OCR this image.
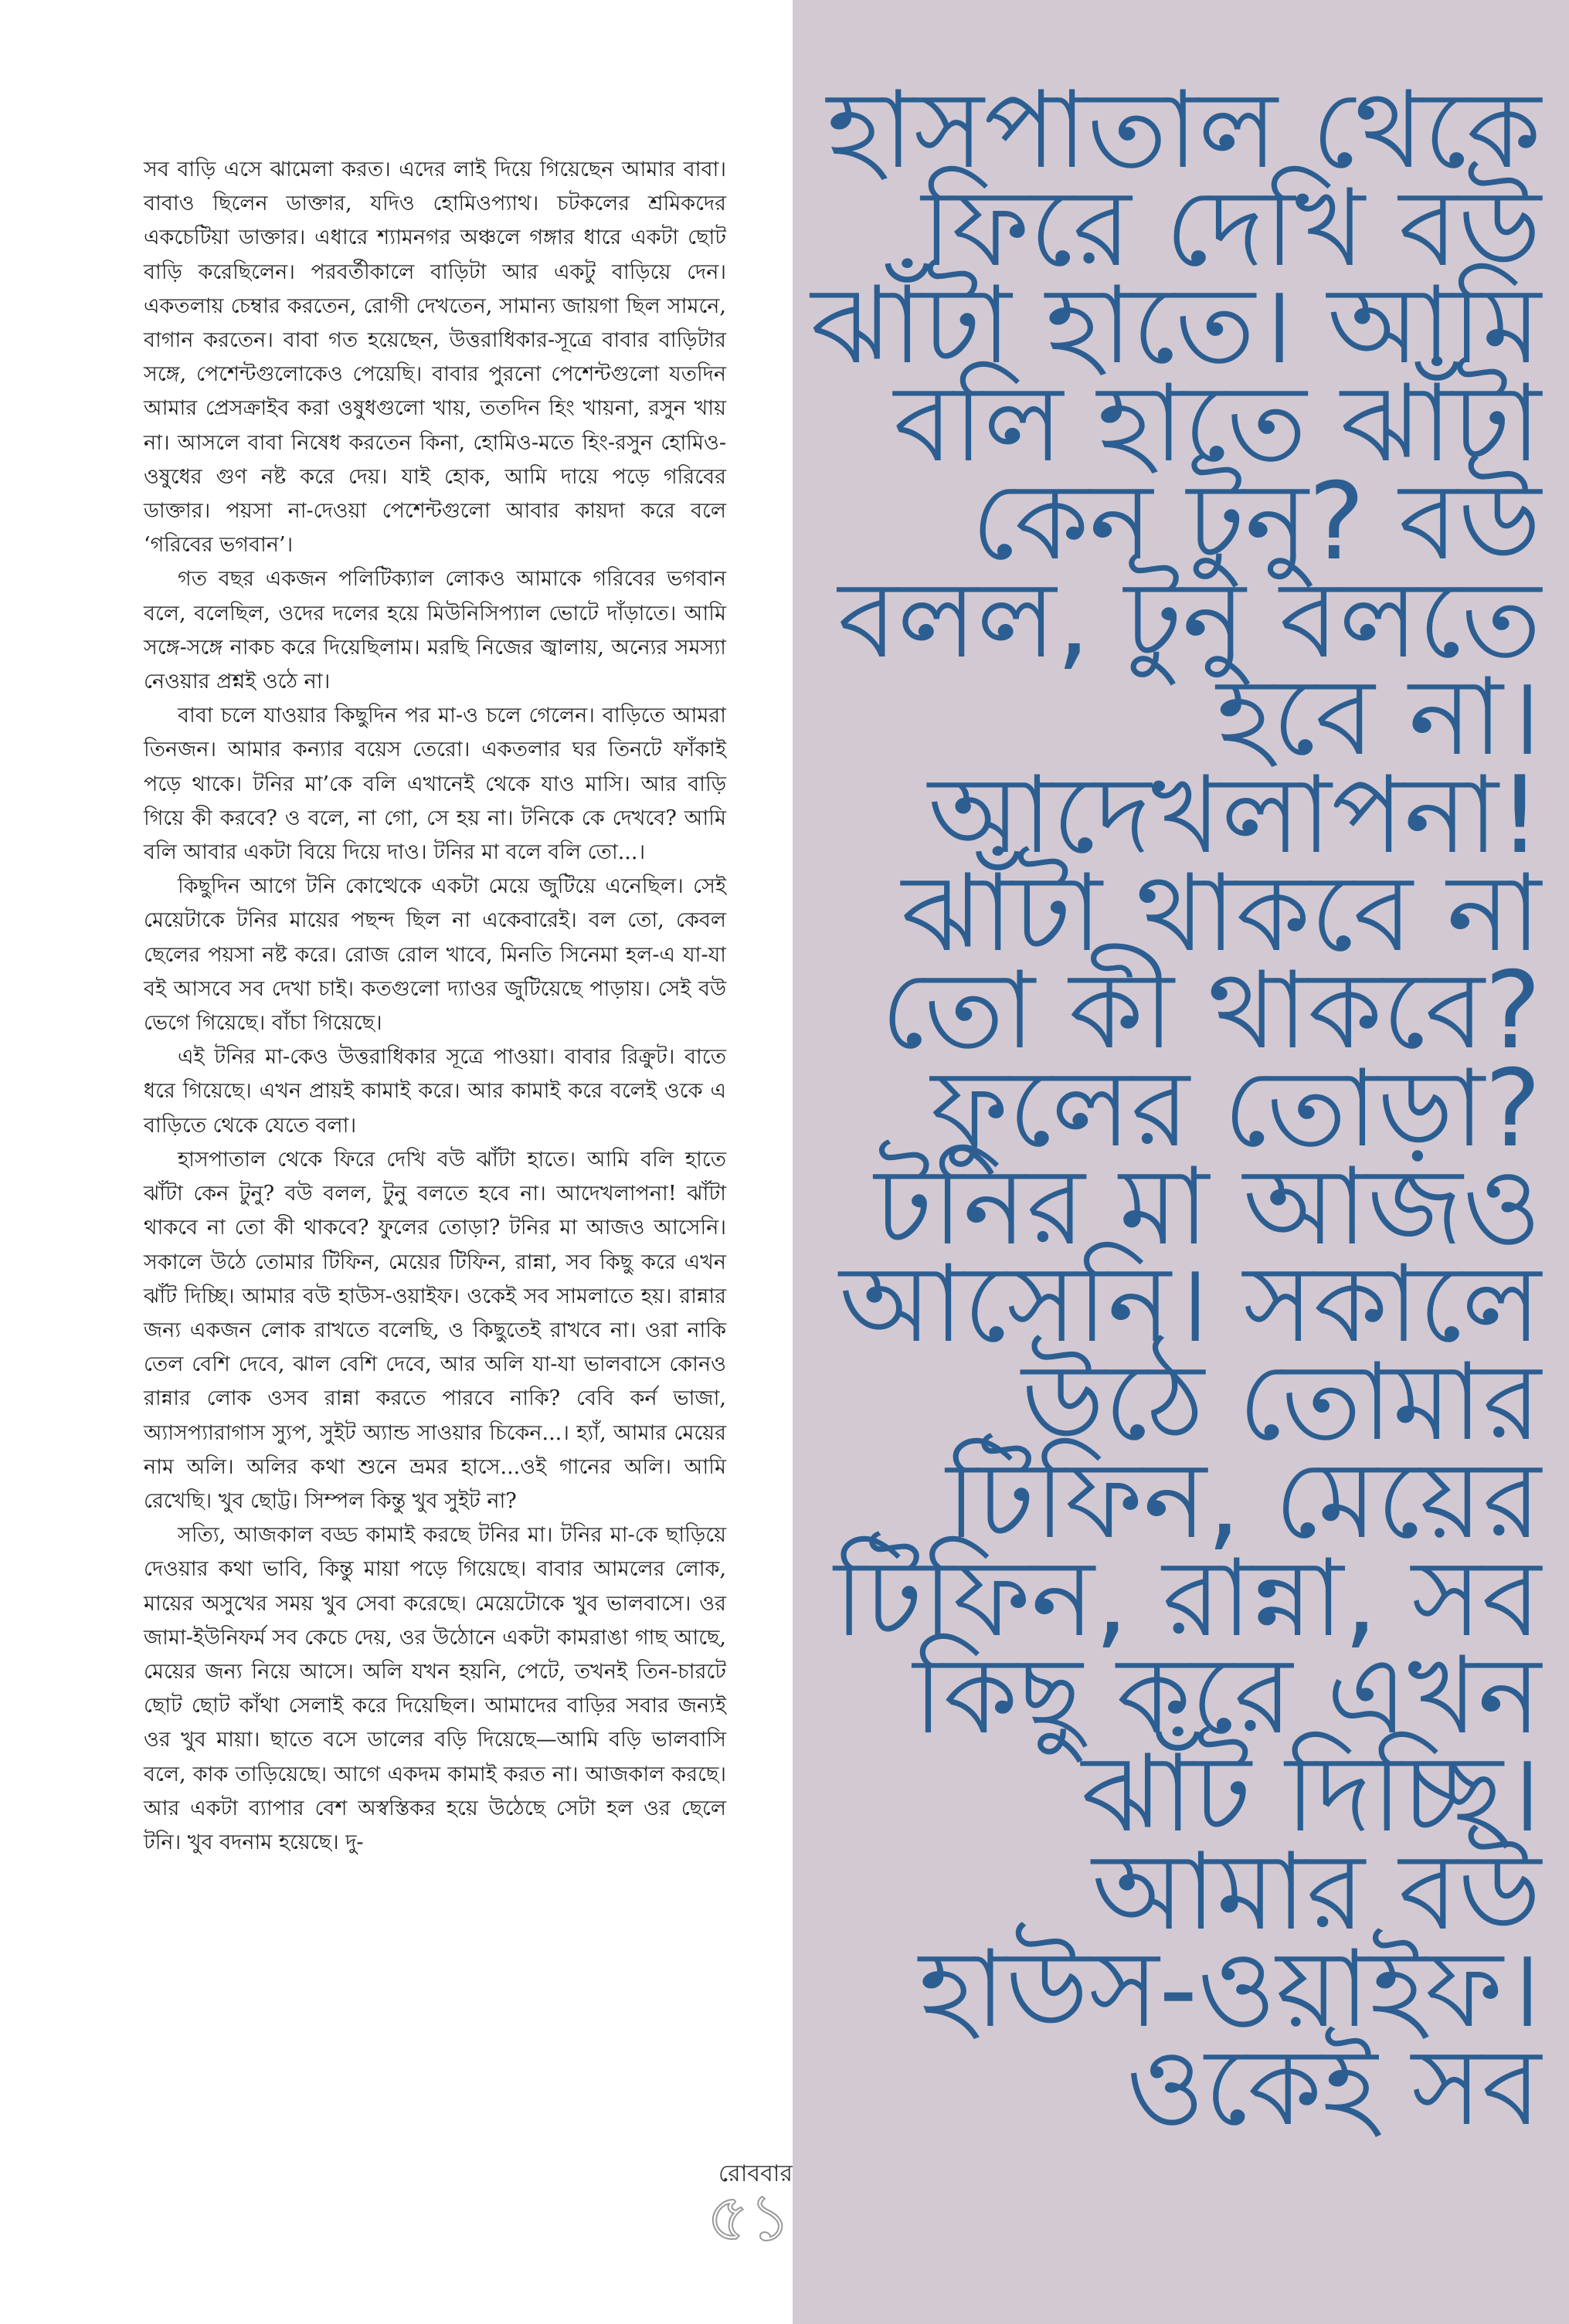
সব বাড়ি এসে ঝামেলা করত। এদের লাই দিয়ে গিয়েছেন আমার বাবা। বাবাও ছিলেন ডাক্তার, যদিও হোমিওপ্যাথ। চটকলের শ্রমিকদের একচেটিয়া ডাক্তার। এধারে শ্যামনগর অঞ্চলে গঙ্গার ধারে একটা ছোট বাড়ি করেছিলেন। পরবর্তীকালে বাড়িটা আর একটু বাড়িয়ে দেন। একতলায় চেম্বার করতেন, রোগী দেখতেন, সামান্য জায়গা ছিল সামনে, বাগান করতেন। বাবা গত হয়েছেন, উত্তরাধিকার-সূত্রে বাবার বাড়িটার সঙ্গে, পেশেন্টগুলোকেও পেয়েছি। বাবার পুরনো পেশেন্টগুলো যতদিন আমার প্রেসক্রাইব করা ওষুধগুলো খায়, ততদিন হিং খায়না, রসুন খায় না। আসলে বাবা নিষেধ করতেন কিনা, হোমিও-মতে হিং-রসুন হোমিও-ওষুধের গুণ নষ্ট করে দেয়। যাই হোক, আমি দায়ে পড়ে গরিবের ডাক্তার। পয়সা না-দেওয়া পেশেন্টগুলো আবার কায়দা করে বলে ‘গরিবের ভগবান’।

গত বছর একজন পলিটিক্যাল লোকও আমাকে গরিবের ভগবান বলে, বলেছিল, ওদের দলের হয়ে মিউনিসিপ্যাল ভোটে দাঁড়াতে। আমি সঙ্গে-সঙ্গে নাকচ করে দিয়েছিলাম। মরছি নিজের জ্বালায়, অন্যের সমস্যা নেওয়ার প্রশ্নই ওঠে না।

বাবা চলে যাওয়ার কিছুদিন পর মা-ও চলে গেলেন। বাড়িতে আমরা তিনজন। আমার কন্যার বয়েস তেরো। একতলার ঘর তিনটে ফাঁকাই পড়ে থাকে। টনির মা’কে বলি এখানেই থেকে যাও মাসি। আর বাড়ি গিয়ে কী করবে? ও বলে, না গো, সে হয় না। টনিকে কে দেখবে? আমি বলি আবার একটা বিয়ে দিয়ে দাও। টনির মা বলে বলি তো...।

কিছুদিন আগে টনি কোত্থেকে একটা মেয়ে জুটিয়ে এনেছিল। সেই মেয়েটাকে টনির মায়ের পছন্দ ছিল না একেবারেই। বল তো, কেবল ছেলের পয়সা নষ্ট করে। রোজ রোল খাবে, মিনতি সিনেমা হল-এ যা-যা বই আসবে সব দেখা চাই। কতগুলো দ্যাওর জুটিয়েছে পাড়ায়। সেই বউ ভেগে গিয়েছে। বাঁচা গিয়েছে।

এই টনির মা-কেও উত্তরাধিকার সূত্রে পাওয়া। বাবার রিক্রুট। বাতে ধরে গিয়েছে। এখন প্রায়ই কামাই করে। আর কামাই করে বলেই ওকে এ বাড়িতে থেকে যেতে বলা।

হাসপাতাল থেকে ফিরে দেখি বউ ঝাঁটা হাতে। আমি বলি হাতে ঝাঁটা কেন টুনু? বউ বলল, টুনু বলতে হবে না। আদেখলাপনা! ঝাঁটা থাকবে না তো কী থাকবে? ফুলের তোড়া? টনির মা আজও আসেনি। সকালে উঠে তোমার টিফিন, মেয়ের টিফিন, রান্না, সব কিছু করে এখন ঝাঁট দিচ্ছি। আমার বউ হাউস-ওয়াইফ। ওকেই সব সামলাতে হয়। রান্নার জন্য একজন লোক রাখতে বলেছি, ও কিছুতেই রাখবে না। ওরা নাকি তেল বেশি দেবে, ঝাল বেশি দেবে, আর অলি যা-যা ভালবাসে কোনও রান্নার লোক ওসব রান্না করতে পারবে নাকি? বেবি কর্ন ভাজা, অ্যাসপ্যারাগাস স্যুপ, সুইট অ্যান্ড সাওয়ার চিকেন...। হ্যাঁ, আমার মেয়ের নাম অলি। অলির কথা শুনে ভ্রমর হাসে...ওই গানের অলি। আমি রেখেছি। খুব ছোট্ট। সিম্পল কিন্তু খুব সুইট না?

সত্যি, আজকাল বড্ড কামাই করছে টনির মা। টনির মা-কে ছাড়িয়ে দেওয়ার কথা ভাবি, কিন্তু মায়া পড়ে গিয়েছে। বাবার আমলের লোক, মায়ের অসুখের সময় খুব সেবা করেছে। মেয়েটোকে খুব ভালবাসে। ওর জামা-ইউনিফর্ম সব কেচে দেয়, ওর উঠোনে একটা কামরাঙা গাছ আছে, মেয়ের জন্য নিয়ে আসে। অলি যখন হয়নি, পেটে, তখনই তিন-চারটে ছোট ছোট কাঁথা সেলাই করে দিয়েছিল। আমাদের বাড়ির সবার জন্যই ওর খুব মায়া। ছাতে বসে ডালের বড়ি দিয়েছে—আমি বড়ি ভালবাসি বলে, কাক তাড়িয়েছে। আগে একদম কামাই করত না। আজকাল করছে। আর একটা ব্যাপার বেশ অস্বস্তিকর হয়ে উঠেছে সেটা হল ওর ছেলে টনি। খুব বদনাম হয়েছে। দু-

রোববার
৫১

হাসপাতাল থেকে
ফিরে দেখি বউ
ঝাঁটা হাতে। আমি
বলি হাতে ঝাঁটা
কেন টুনু? বউ
বলল, টুনু বলতে
হবে না।
আদেখলাপনা!
ঝাঁটা থাকবে না
তো কী থাকবে?
ফুলের তোড়া?
টনির মা আজও
আসেনি। সকালে
উঠে তোমার
টিফিন, মেয়ের
টিফিন, রান্না, সব
কিছু করে এখন
ঝাঁট দিচ্ছি।
আমার বউ
হাউস-ওয়াইফ।
ওকেই সব
